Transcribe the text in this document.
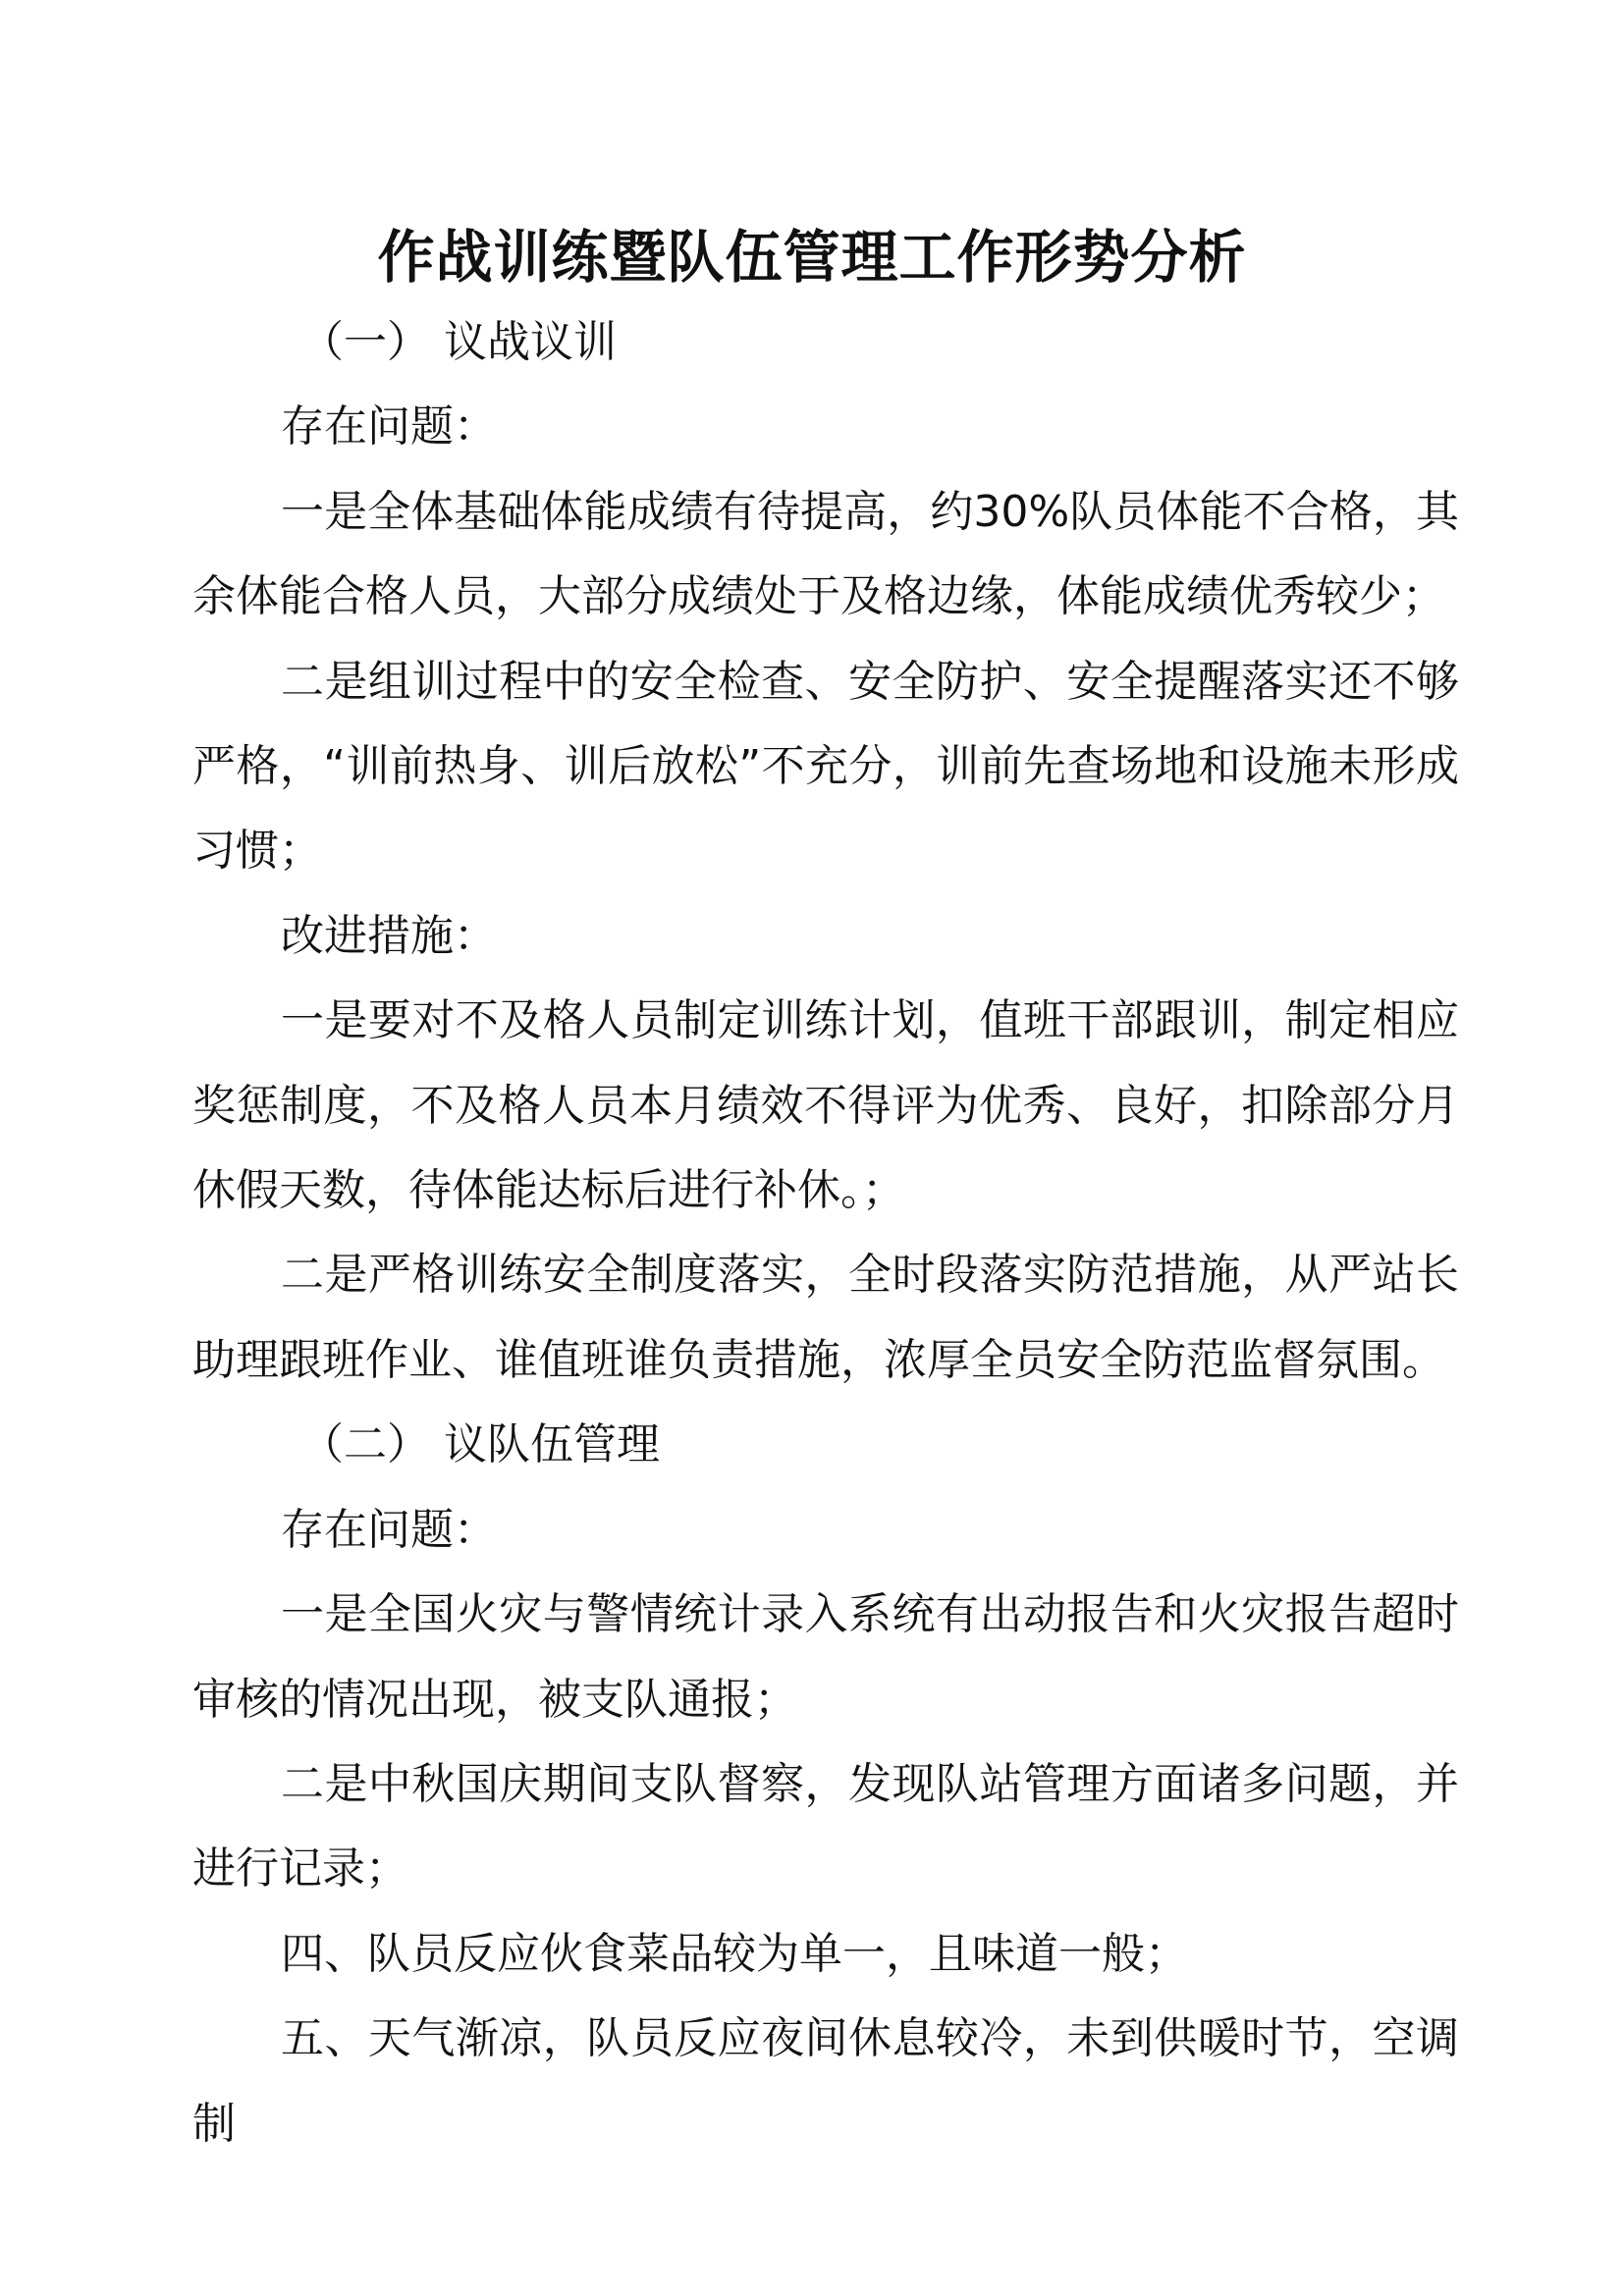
作战训练暨队伍管理工作形势分析

（一） 议战议训

存在问题：

一是全体基础体能成绩有待提高，约30%队员体能不合格，其余体能合格人员，大部分成绩处于及格边缘，体能成绩优秀较少；

二是组训过程中的安全检查、安全防护、安全提醒落实还不够严格，“训前热身、训后放松”不充分，训前先查场地和设施未形成习惯；

改进措施：

一是要对不及格人员制定训练计划，值班干部跟训，制定相应奖惩制度，不及格人员本月绩效不得评为优秀、良好，扣除部分月休假天数，待体能达标后进行补休。；

二是严格训练安全制度落实，全时段落实防范措施，从严站长助理跟班作业、谁值班谁负责措施，浓厚全员安全防范监督氛围。

（二） 议队伍管理

存在问题：

一是全国火灾与警情统计录入系统有出动报告和火灾报告超时审核的情况出现，被支队通报；

二是中秋国庆期间支队督察，发现队站管理方面诸多问题，并进行记录；

四、队员反应伙食菜品较为单一，且味道一般；

五、天气渐凉，队员反应夜间休息较冷，未到供暖时节，空调制
